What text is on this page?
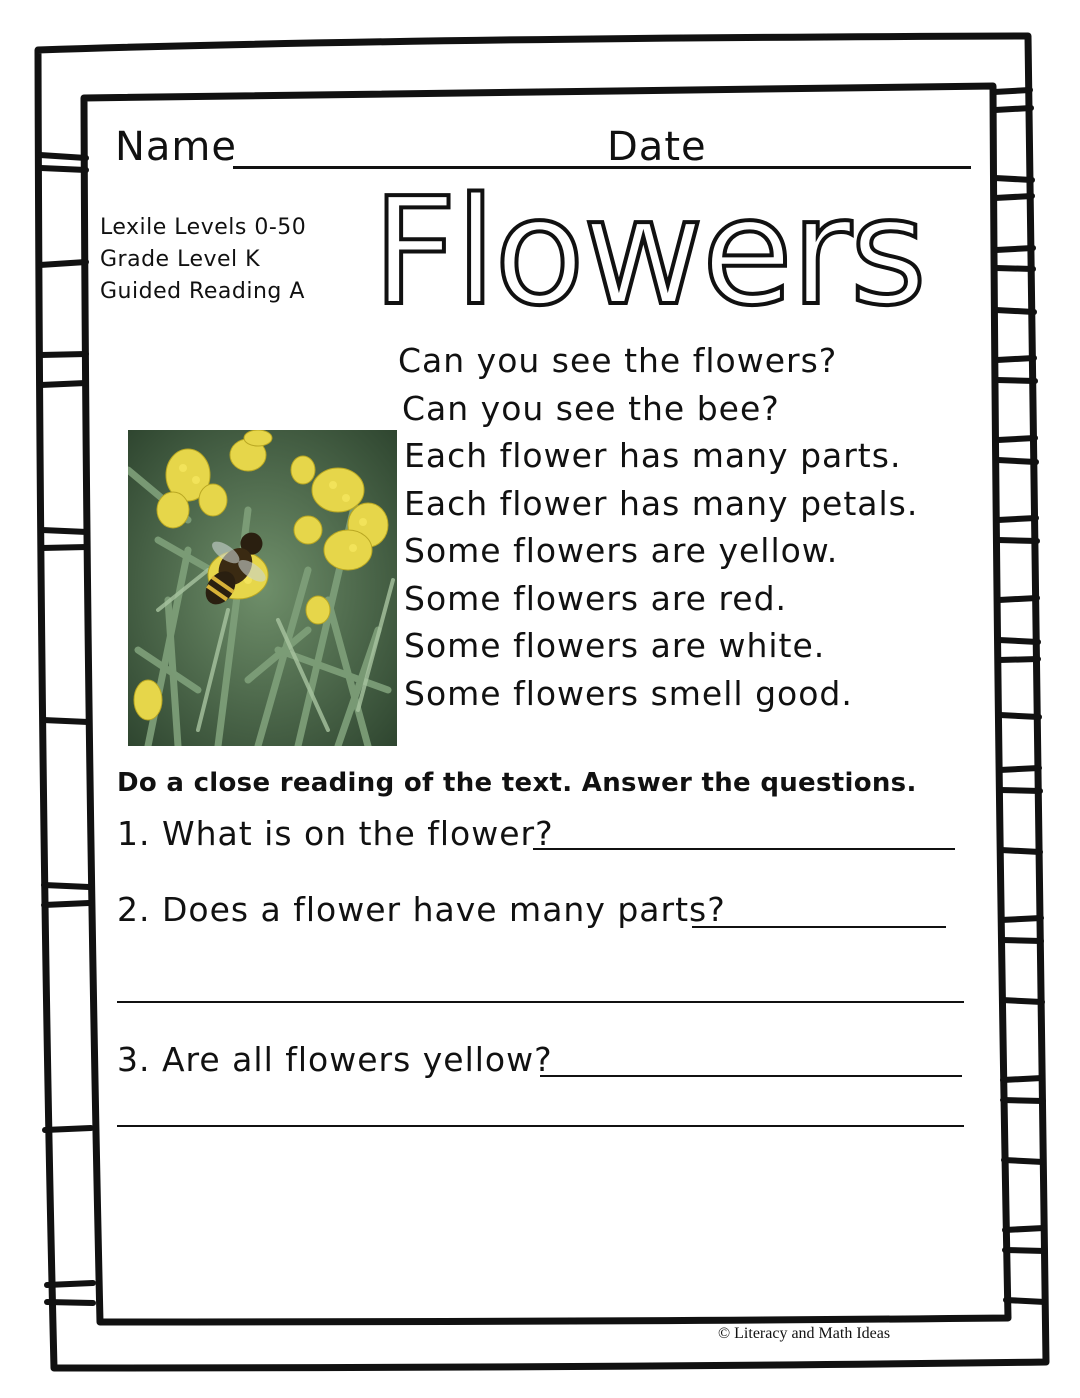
Name	Date
Lexile Levels 0-50
Grade Level K
Guided Reading A Flowers
Can you see the flowers?
Can you see the bee?
Each flower has many parts.
Each flower has many petals.
Some flowers are yellow.
Some flowers are red.
Some flowers are white.
Some flowers smell good.
Do a close reading of the text. Answer the questions.
1. What is on the flower?
2. Does a flower have many parts?
3. Are all flowers yellow?
© Literacy and Math Ideas
